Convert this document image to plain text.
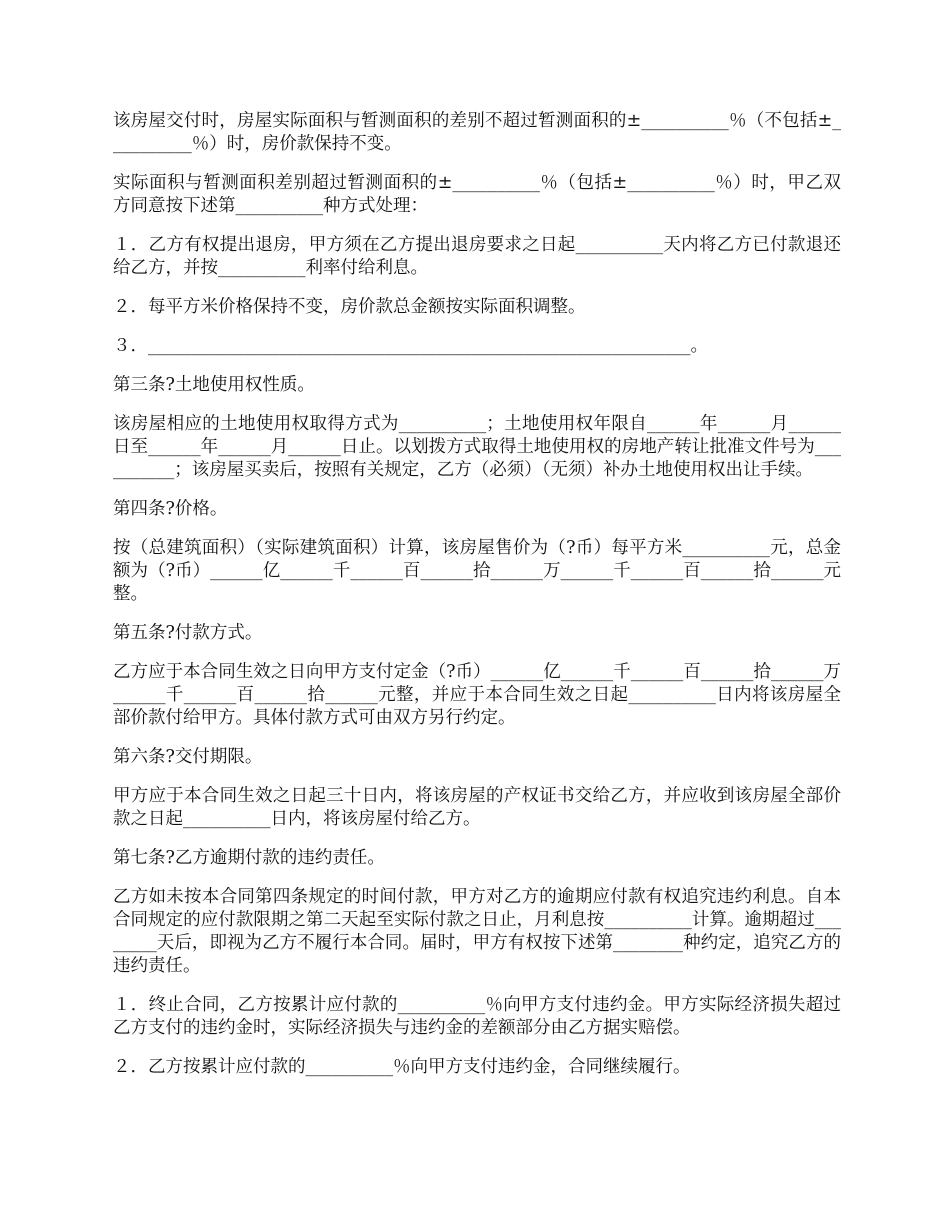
该房屋交付时，房屋实际面积与暂测面积的差别不超过暂测面积的±__________％（不包括±__________％）时，房价款保持不变。

实际面积与暂测面积差别超过暂测面积的±__________％（包括±__________％）时，甲乙双方同意按下述第__________种方式处理：

１．乙方有权提出退房，甲方须在乙方提出退房要求之日起__________天内将乙方已付款退还给乙方，并按__________利率付给利息。

２．每平方米价格保持不变，房价款总金额按实际面积调整。

３．______________________________________________________________。

第三条?土地使用权性质。

该房屋相应的土地使用权取得方式为__________；土地使用权年限自______年______月______日至______年______月______日止。以划拨方式取得土地使用权的房地产转让批准文件号为__________；该房屋买卖后，按照有关规定，乙方（必须）（无须）补办土地使用权出让手续。

第四条?价格。

按（总建筑面积）（实际建筑面积）计算，该房屋售价为（?币）每平方米__________元，总金额为（?币）______亿______千______百______拾______万______千______百______拾______元整。

第五条?付款方式。

乙方应于本合同生效之日向甲方支付定金（?币）______亿______千______百______拾______万______千______百______拾______元整，并应于本合同生效之日起__________日内将该房屋全部价款付给甲方。具体付款方式可由双方另行约定。

第六条?交付期限。

甲方应于本合同生效之日起三十日内，将该房屋的产权证书交给乙方，并应收到该房屋全部价款之日起__________日内，将该房屋付给乙方。

第七条?乙方逾期付款的违约责任。

乙方如未按本合同第四条规定的时间付款，甲方对乙方的逾期应付款有权追究违约利息。自本合同规定的应付款限期之第二天起至实际付款之日止，月利息按__________计算。逾期超过________天后，即视为乙方不履行本合同。届时，甲方有权按下述第________种约定，追究乙方的违约责任。

１．终止合同，乙方按累计应付款的__________％向甲方支付违约金。甲方实际经济损失超过乙方支付的违约金时，实际经济损失与违约金的差额部分由乙方据实赔偿。

２．乙方按累计应付款的__________％向甲方支付违约金，合同继续履行。
